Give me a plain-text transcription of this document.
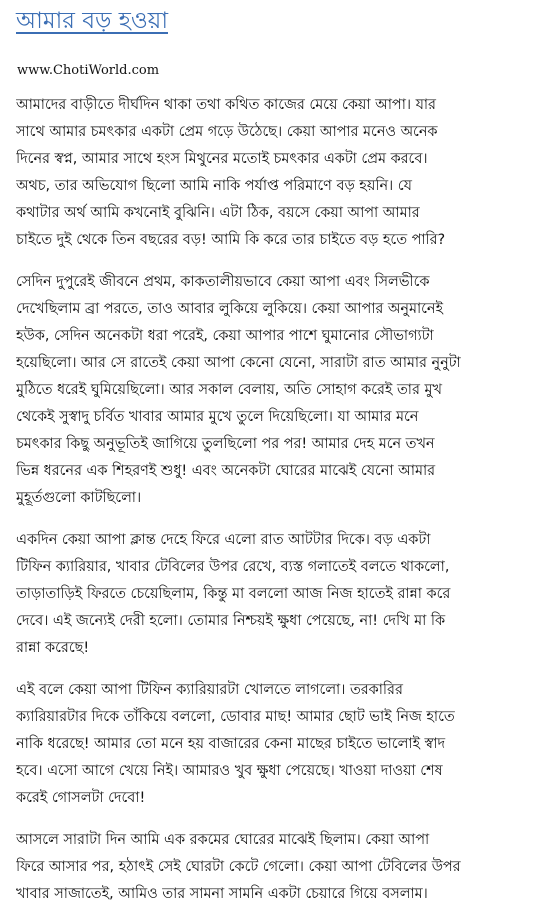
আমার বড় হওয়া
www.ChotiWorld.com

আমাদের বাড়ীতে দীর্ঘদিন থাকা তথা কথিত কাজের মেয়ে কেয়া আপা। যার
সাথে আমার চমৎকার একটা প্রেম গড়ে উঠেছে। কেয়া আপার মনেও অনেক
দিনের স্বপ্ন, আমার সাথে হংস মিথুনের মতোই চমৎকার একটা প্রেম করবে।
অথচ, তার অভিযোগ ছিলো আমি নাকি পর্যাপ্ত পরিমাণে বড় হয়নি। যে
কথাটার অর্থ আমি কখনোই বুঝিনি। এটা ঠিক, বয়সে কেয়া আপা আমার
চাইতে দুই থেকে তিন বছরের বড়! আমি কি করে তার চাইতে বড় হতে পারি?

সেদিন দুপুরেই জীবনে প্রথম, কাকতালীয়ভাবে কেয়া আপা এবং সিলভীকে
দেখেছিলাম ব্রা পরতে, তাও আবার লুকিয়ে লুকিয়ে। কেয়া আপার অনুমানেই
হউক, সেদিন অনেকটা ধরা পরেই, কেয়া আপার পাশে ঘুমানোর সৌভাগ্যটা
হয়েছিলো। আর সে রাতেই কেয়া আপা কেনো যেনো, সারাটা রাত আমার নুনুটা
মুঠিতে ধরেই ঘুমিয়েছিলো। আর সকাল বেলায়, অতি সোহাগ করেই তার মুখ
থেকেই সুস্বাদু চর্বিত খাবার আমার মুখে তুলে দিয়েছিলো। যা আমার মনে
চমৎকার কিছু অনুভূতিই জাগিয়ে তুলছিলো পর পর! আমার দেহ মনে তখন
ভিন্ন ধরনের এক শিহরণই শুধু! এবং অনেকটা ঘোরের মাঝেই যেনো আমার
মুহূর্তগুলো কাটছিলো।

একদিন কেয়া আপা ক্লান্ত দেহে ফিরে এলো রাত আটটার দিকে। বড় একটা
টিফিন ক্যারিয়ার, খাবার টেবিলের উপর রেখে, ব্যস্ত গলাতেই বলতে থাকলো,
তাড়াতাড়িই ফিরতে চেয়েছিলাম, কিন্তু মা বললো আজ নিজ হাতেই রান্না করে
দেবে। এই জন্যেই দেরী হলো। তোমার নিশ্চয়ই ক্ষুধা পেয়েছে, না! দেখি মা কি
রান্না করেছে!

এই বলে কেয়া আপা টিফিন ক্যারিয়ারটা খোলতে লাগলো। তরকারির
ক্যারিয়ারটার দিকে তাঁকিয়ে বললো, ডোবার মাছ! আমার ছোট ভাই নিজ হাতে
নাকি ধরেছে! আমার তো মনে হয় বাজারের কেনা মাছের চাইতে ভালোই স্বাদ
হবে। এসো আগে খেয়ে নিই। আমারও খুব ক্ষুধা পেয়েছে। খাওয়া দাওয়া শেষ
করেই গোসলটা দেবো!

আসলে সারাটা দিন আমি এক রকমের ঘোরের মাঝেই ছিলাম। কেয়া আপা
ফিরে আসার পর, হঠাৎই সেই ঘোরটা কেটে গেলো। কেয়া আপা টেবিলের উপর
খাবার সাজাতেই, আমিও তার সামনা সামনি একটা চেয়ারে গিয়ে বসলাম।
